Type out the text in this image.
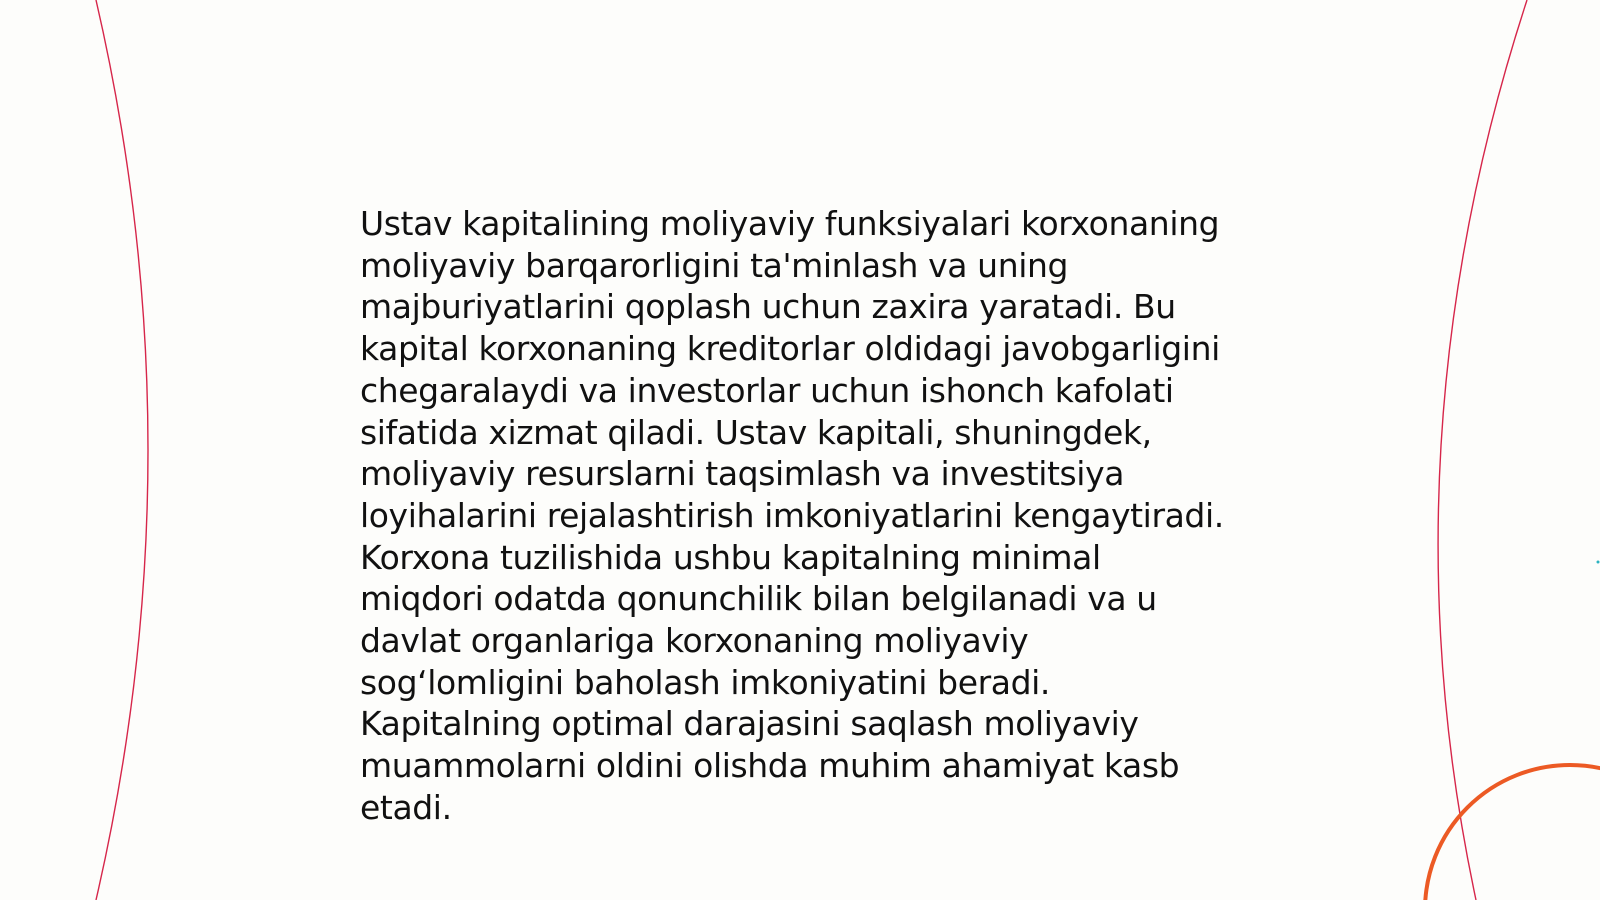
Ustav kapitalining moliyaviy funksiyalari korxonaning
moliyaviy barqarorligini ta'minlash va uning
majburiyatlarini qoplash uchun zaxira yaratadi. Bu
kapital korxonaning kreditorlar oldidagi javobgarligini
chegaralaydi va investorlar uchun ishonch kafolati
sifatida xizmat qiladi. Ustav kapitali, shuningdek,
moliyaviy resurslarni taqsimlash va investitsiya
loyihalarini rejalashtirish imkoniyatlarini kengaytiradi.
Korxona tuzilishida ushbu kapitalning minimal
miqdori odatda qonunchilik bilan belgilanadi va u
davlat organlariga korxonaning moliyaviy
sog‘lomligini baholash imkoniyatini beradi.
Kapitalning optimal darajasini saqlash moliyaviy
muammolarni oldini olishda muhim ahamiyat kasb
etadi.
